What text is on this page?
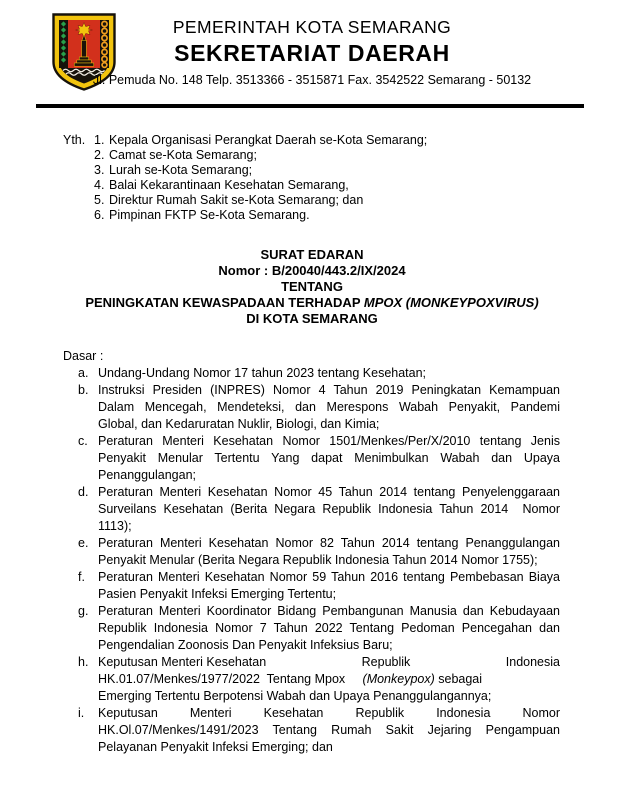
PEMERINTAH KOTA SEMARANG
SEKRETARIAT DAERAH
Jl. Pemuda No. 148 Telp. 3513366 - 3515871 Fax. 3542522 Semarang - 50132
Yth. 1. Kepala Organisasi Perangkat Daerah se-Kota Semarang;
2. Camat se-Kota Semarang;
3. Lurah se-Kota Semarang;
4. Balai Kekarantinaan Kesehatan Semarang,
5. Direktur Rumah Sakit se-Kota Semarang; dan
6. Pimpinan FKTP Se-Kota Semarang.
SURAT EDARAN
Nomor : B/20040/443.2/IX/2024
TENTANG
PENINGKATAN KEWASPADAAN TERHADAP MPOX (MONKEYPOXVIRUS)
DI KOTA SEMARANG
Dasar :
a. Undang-Undang Nomor 17 tahun 2023 tentang Kesehatan;
b. Instruksi Presiden (INPRES) Nomor 4 Tahun 2019 Peningkatan Kemampuan
Dalam Mencegah, Mendeteksi, dan Merespons Wabah Penyakit, Pandemi
Global, dan Kedaruratan Nuklir, Biologi, dan Kimia;
c. Peraturan Menteri Kesehatan Nomor 1501/Menkes/Per/X/2010 tentang Jenis
Penyakit Menular Tertentu Yang dapat Menimbulkan Wabah dan Upaya
Penanggulangan;
d. Peraturan Menteri Kesehatan Nomor 45 Tahun 2014 tentang Penyelenggaraan
Surveilans Kesehatan (Berita Negara Republik Indonesia Tahun 2014  Nomor
1113);
e. Peraturan Menteri Kesehatan Nomor 82 Tahun 2014 tentang Penanggulangan
Penyakit Menular (Berita Negara Republik Indonesia Tahun 2014 Nomor 1755);
f.	Peraturan Menteri Kesehatan Nomor 59 Tahun 2016 tentang Pembebasan Biaya
Pasien Penyakit Infeksi Emerging Tertentu;
g. Peraturan Menteri Koordinator Bidang Pembangunan Manusia dan Kebudayaan
Republik Indonesia Nomor 7 Tahun 2022 Tentang Pedoman Pencegahan dan
Pengendalian Zoonosis Dan Penyakit Infeksius Baru;
h. Keputusan Menteri Kesehatan	Republik	Indonesia
HK.01.07/Menkes/1977/2022  Tentang Mpox     (Monkeypox) sebagai
Emerging Tertentu Berpotensi Wabah dan Upaya Penanggulangannya;
i.	Keputusan Menteri Kesehatan Republik Indonesia Nomor
HK.Ol.07/Menkes/1491/2023 Tentang Rumah Sakit Jejaring Pengampuan
Pelayanan Penyakit Infeksi Emerging; dan
